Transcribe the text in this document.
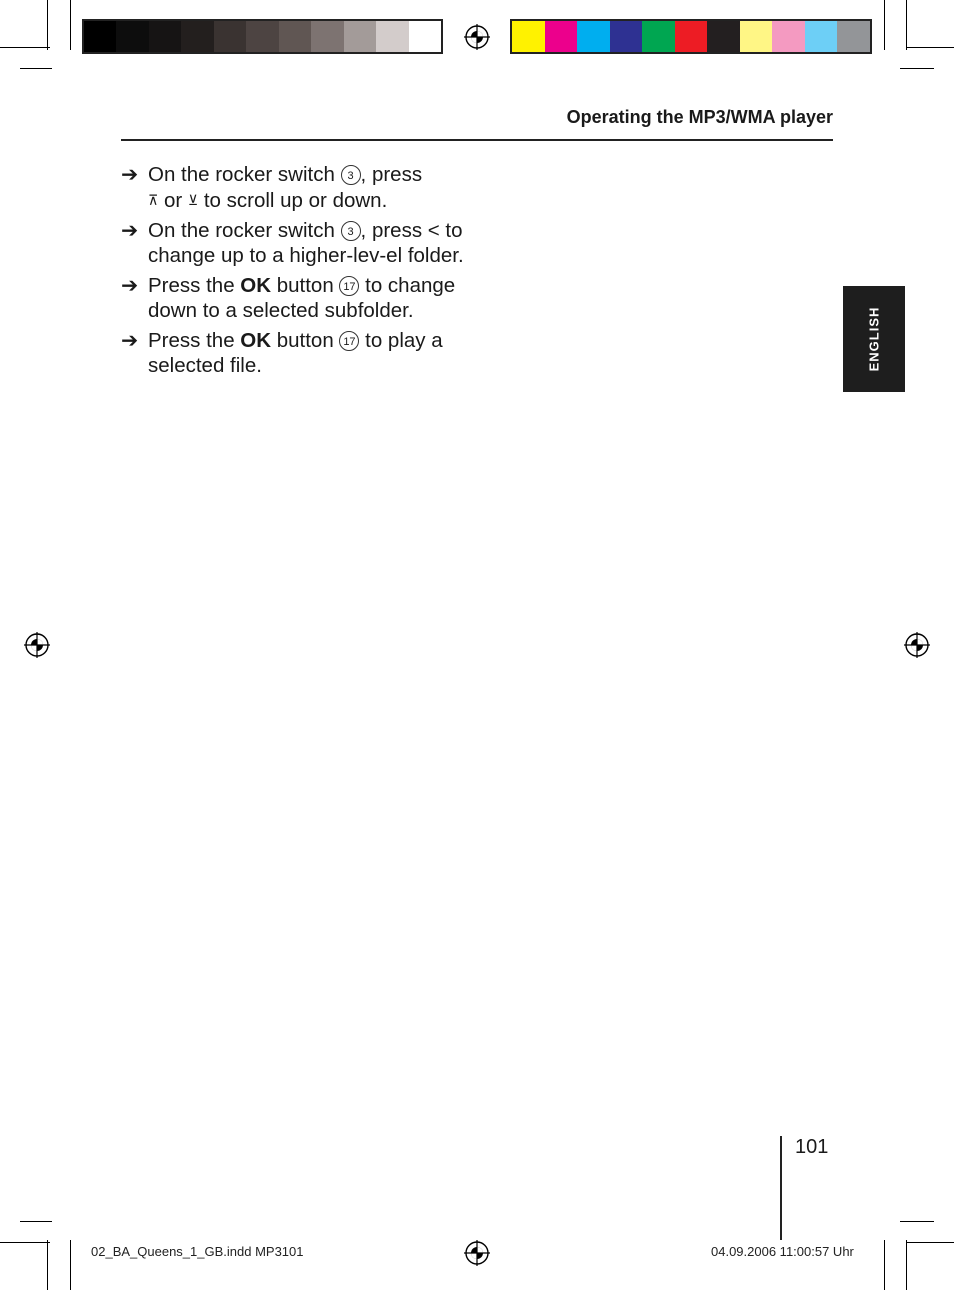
Operating the MP3/WMA player
➔ On the rocker switch 3 , press
⊼ or ⊻ to scroll up or down.
➔ On the rocker switch 3 , press < to change up to a higher-lev-el folder.
➔ Press the OK button 17 to change down to a selected subfolder.
➔ Press the OK button 17 to play a selected file.	ENGLISH
101
02_BA_Queens_1_GB.indd MP3101	04.09.2006 11:00:57 Uhr
